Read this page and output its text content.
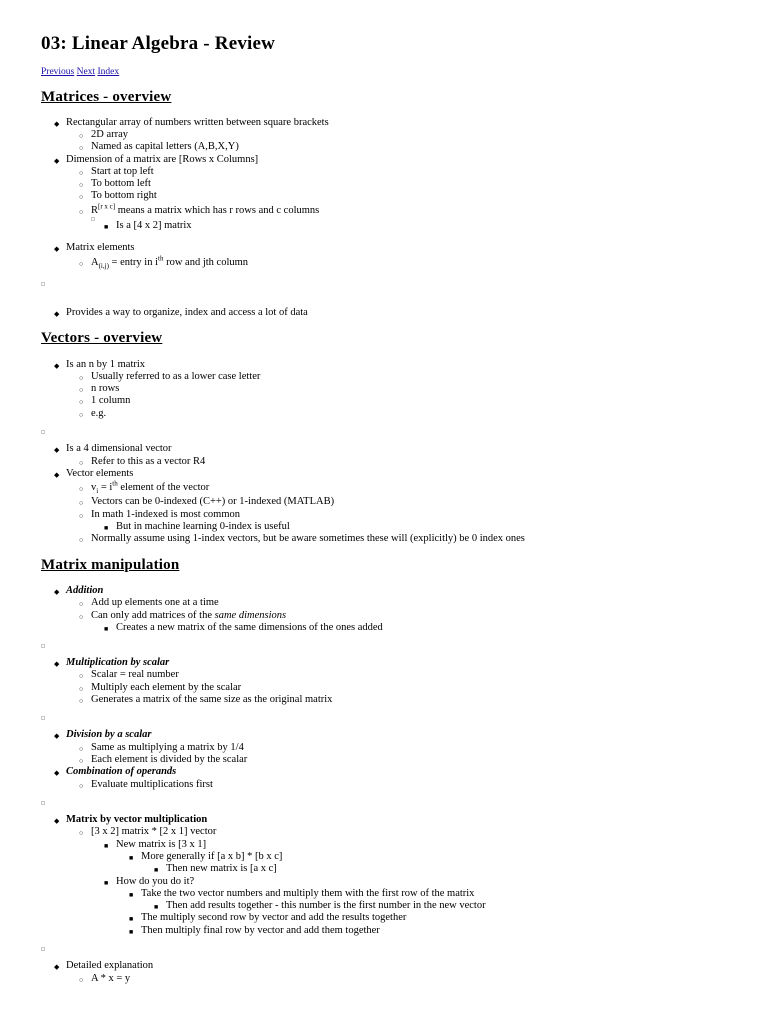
03: Linear Algebra - Review
Previous Next Index
Matrices - overview
◆ Rectangular array of numbers written between square brackets
○ 2D array
○ Named as capital letters (A,B,X,Y)
◆ Dimension of a matrix are [Rows x Columns]
○ Start at top left
○ To bottom left
○ To bottom right
○ R[r x c] means a matrix which has r rows and c columns
■ Is a [4 x 2] matrix
◆ Matrix elements
○ $A_{(i,j)}$ = entry in $i^{th}$ row and jth column
◆ Provides a way to organize, index and access a lot of data
Vectors - overview
◆ Is an n by 1 matrix
○ Usually referred to as a lower case letter
○ n rows
○ 1 column
○ e.g.
◆ Is a 4 dimensional vector
○ Refer to this as a vector R4
◆ Vector elements
○ $v_i = i^{th}$ element of the vector
○ Vectors can be 0-indexed (C++) or 1-indexed (MATLAB)
○ In math 1-indexed is most common
■ But in machine learning 0-index is useful
○ Normally assume using 1-index vectors, but be aware sometimes these will (explicitly) be 0 index ones
Matrix manipulation
◆ Addition
○ Add up elements one at a time
○ Can only add matrices of the same dimensions
■ Creates a new matrix of the same dimensions of the ones added
◆ Multiplication by scalar
○ Scalar = real number
○ Multiply each element by the scalar
○ Generates a matrix of the same size as the original matrix
◆ Division by a scalar
○ Same as multiplying a matrix by 1/4
○ Each element is divided by the scalar
◆ Combination of operands
○ Evaluate multiplications first
◆ Matrix by vector multiplication
○ [3 x 2] matrix * [2 x 1] vector
■ New matrix is [3 x 1]
■ More generally if [a x b] * [b x c]
■ Then new matrix is [a x c]
■ How do you do it?
■ Take the two vector numbers and multiply them with the first row of the matrix
■ Then add results together - this number is the first number in the new vector
■ The multiply second row by vector and add the results together
■ Then multiply final row by vector and add them together
◆ Detailed explanation
○ A * x = y
